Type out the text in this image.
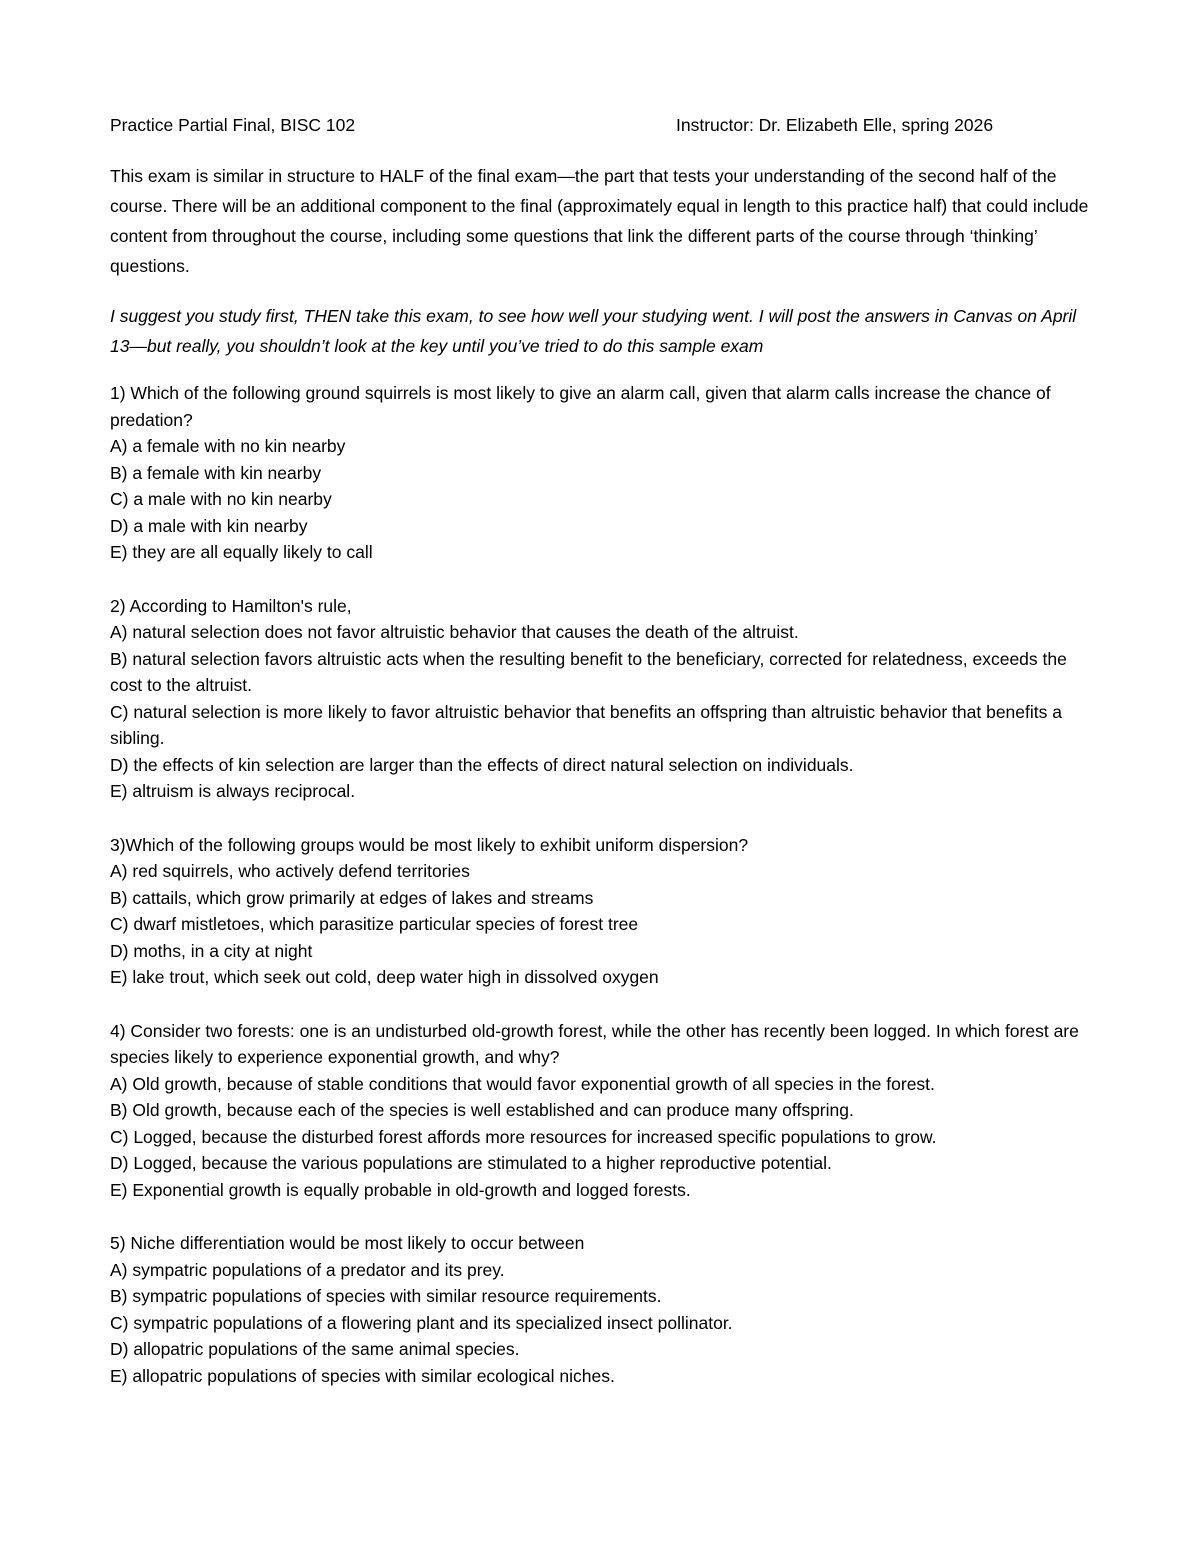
Practice Partial Final, BISC 102	Instructor: Dr. Elizabeth Elle, spring 2026

This exam is similar in structure to HALF of the final exam—the part that tests your understanding of the second half of the course. There will be an additional component to the final (approximately equal in length to this practice half) that could include content from throughout the course, including some questions that link the different parts of the course through ‘thinking’ questions.

I suggest you study first, THEN take this exam, to see how well your studying went. I will post the answers in Canvas on April 13—but really, you shouldn’t look at the key until you’ve tried to do this sample exam

1) Which of the following ground squirrels is most likely to give an alarm call, given that alarm calls increase the chance of predation?

A) a female with no kin nearby

B) a female with kin nearby

C) a male with no kin nearby

D) a male with kin nearby

E) they are all equally likely to call

2) According to Hamilton's rule,

A) natural selection does not favor altruistic behavior that causes the death of the altruist.

B) natural selection favors altruistic acts when the resulting benefit to the beneficiary, corrected for relatedness, exceeds the cost to the altruist.

C) natural selection is more likely to favor altruistic behavior that benefits an offspring than altruistic behavior that benefits a sibling.

D) the effects of kin selection are larger than the effects of direct natural selection on individuals.

E) altruism is always reciprocal.

3)Which of the following groups would be most likely to exhibit uniform dispersion?

A) red squirrels, who actively defend territories

B) cattails, which grow primarily at edges of lakes and streams

C) dwarf mistletoes, which parasitize particular species of forest tree

D) moths, in a city at night

E) lake trout, which seek out cold, deep water high in dissolved oxygen

4) Consider two forests: one is an undisturbed old-growth forest, while the other has recently been logged. In which forest are species likely to experience exponential growth, and why?

A) Old growth, because of stable conditions that would favor exponential growth of all species in the forest.

B) Old growth, because each of the species is well established and can produce many offspring.

C) Logged, because the disturbed forest affords more resources for increased specific populations to grow.

D) Logged, because the various populations are stimulated to a higher reproductive potential.

E) Exponential growth is equally probable in old-growth and logged forests.

5) Niche differentiation would be most likely to occur between

A) sympatric populations of a predator and its prey.

B) sympatric populations of species with similar resource requirements.

C) sympatric populations of a flowering plant and its specialized insect pollinator.

D) allopatric populations of the same animal species.

E) allopatric populations of species with similar ecological niches.
